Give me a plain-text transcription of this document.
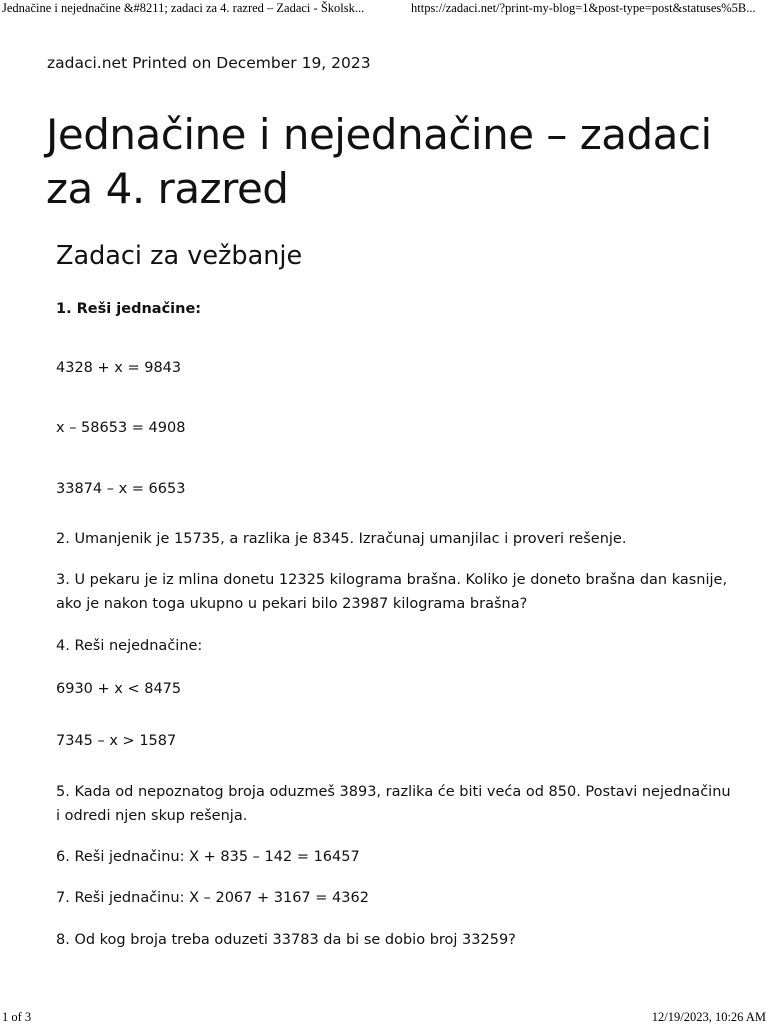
Jednačine i nejednačine &#8211; zadaci za 4. razred – Zadaci - Školsk...	https://zadaci.net/?print-my-blog=1&post-type=post&statuses%5B...
zadaci.net Printed on December 19, 2023
Jednačine i nejednačine – zadaci za 4. razred
Zadaci za vežbanje

1. Reši jednačine:

4328 + x = 9843

x – 58653 = 4908

33874 – x = 6653

2. Umanjenik je 15735, a razlika je 8345. Izračunaj umanjilac i proveri rešenje.

3. U pekaru je iz mlina donetu 12325 kilograma brašna. Koliko je doneto brašna dan kasnije, ako je nakon toga ukupno u pekari bilo 23987 kilograma brašna?

4. Reši nejednačine:

6930 + x < 8475

7345 – x > 1587

5. Kada od nepoznatog broja oduzmeš 3893, razlika će biti veća od 850. Postavi nejednačinu i odredi njen skup rešenja.

6. Reši jednačinu: X + 835 – 142 = 16457

7. Reši jednačinu: X – 2067 + 3167 = 4362

8. Od kog broja treba oduzeti 33783 da bi se dobio broj 33259?

1 of 3	12/19/2023, 10:26 AM
